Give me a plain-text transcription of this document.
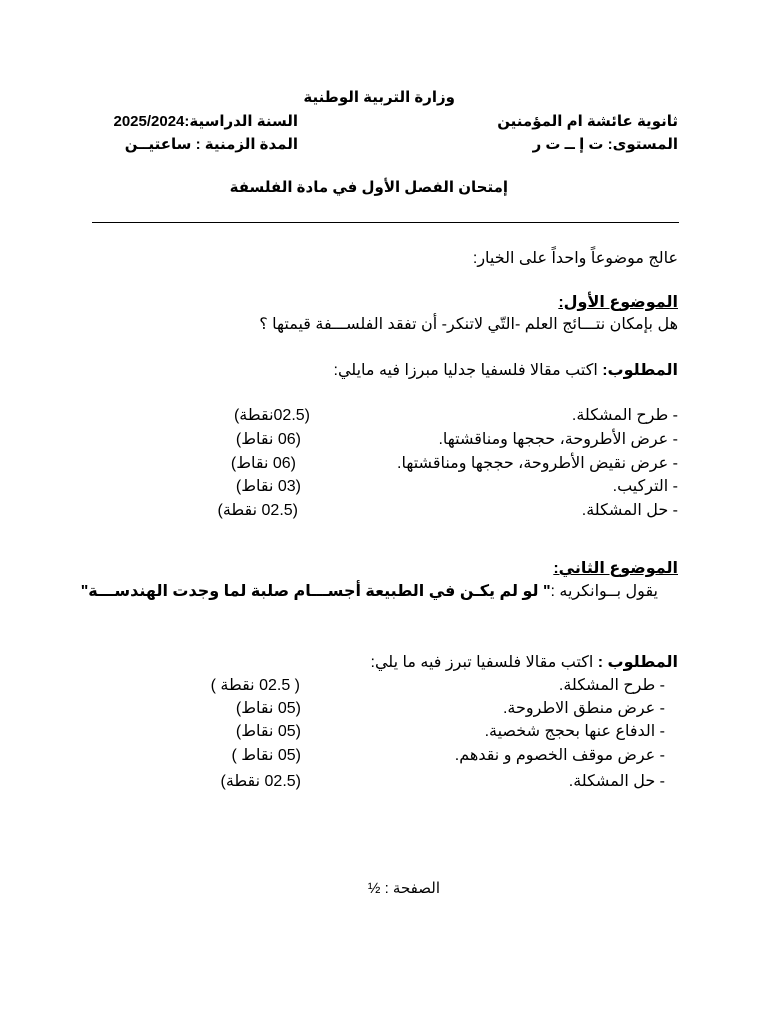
وزارة التربية الوطنية
ثانوية عائشة ام المؤمنين
السنة الدراسية:2025/2024
المستوى: ت إ ــ ت ر
المدة الزمنية : ساعتيــن
إمتحان الفصل الأول في مادة الفلسفة
عالج موضوعاً واحداً على الخيار:
الموضوع الأول:
هل بإمكان نتـــائج العلم -التّي لاتنكر- أن تفقد الفلســـفة قيمتها ؟
المطلوب: اكتب مقالا فلسفيا جدليا مبرزا فيه مايلي:
- طرح المشكلة.
(02.5نقطة)
- عرض الأطروحة، حججها ومناقشتها.
(06 نقاط)
- عرض نقيض الأطروحة، حججها ومناقشتها.
(06 نقاط)
- التركيب.
(03 نقاط)
- حل المشكلة.
(02.5 نقطة)
الموضوع الثاني:
يقول بــوانكريه :" لو لم يكـن في الطبيعة أجســـام صلبة لما وجدت الهندســـة"
المطلوب : اكتب مقالا فلسفيا تبرز فيه ما يلي:
- طرح المشكلة.
( 02.5 نقطة )
- عرض منطق الاطروحة.
(05 نقاط)
- الدفاع عنها بحجج شخصية.
(05 نقاط)
- عرض موقف الخصوم و نقدهم.
(05 نقاط )
- حل المشكلة.
(02.5 نقطة)
الصفحة : ½
